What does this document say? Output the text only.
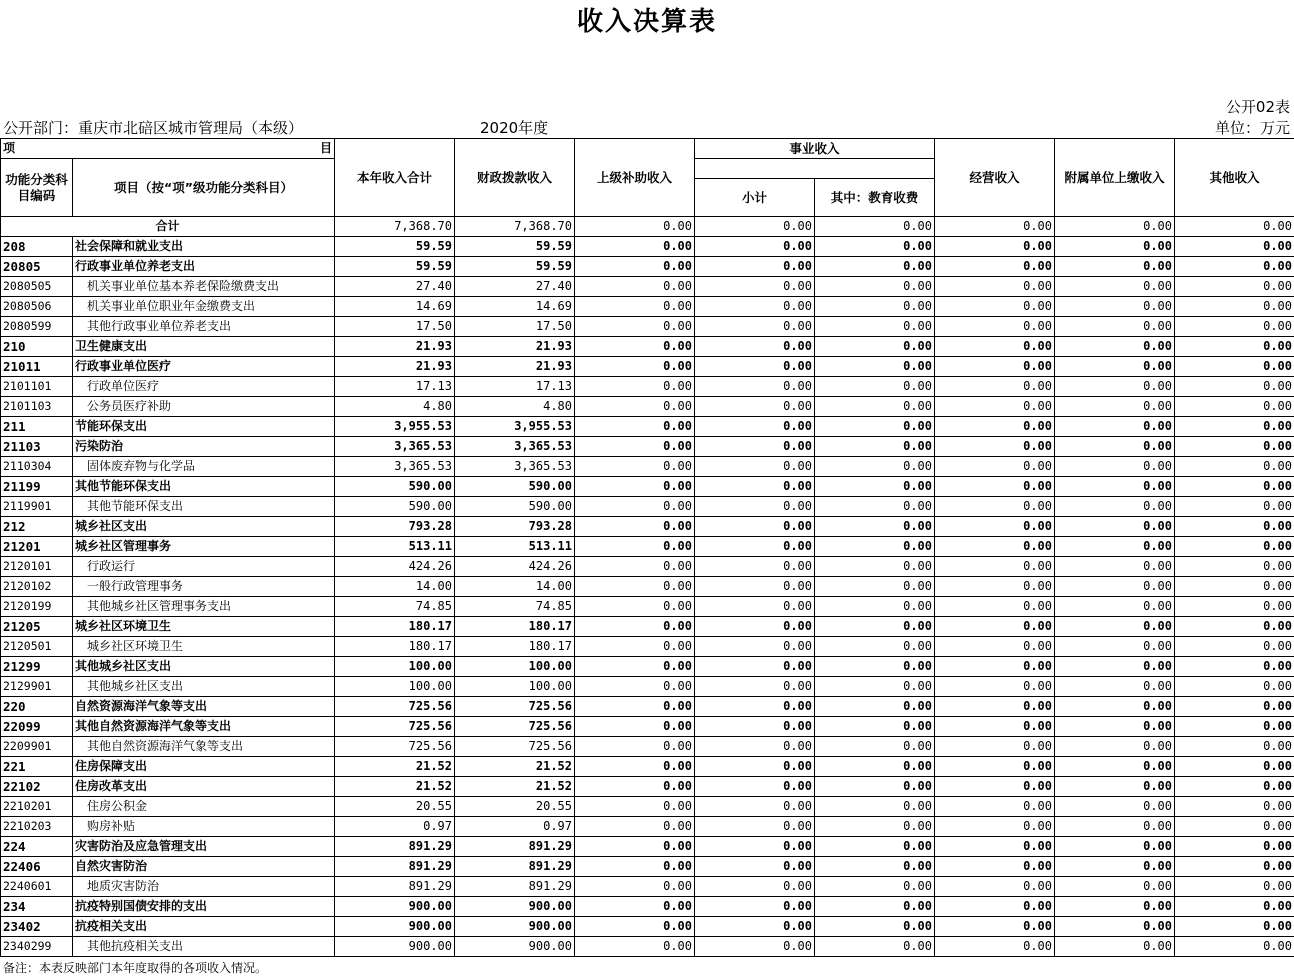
收入决算表
公开02表
公开部门：重庆市北碚区城市管理局（本级）	2020年度	单位：万元
项 目		本年收入合计	财政拨款收入	上级补助收入	事业收入		经营收入	附属单位上缴收入	其他收入
功能分类科目编码	项目（按“项”级功能分类科目）								
					小计	其中：教育收费			
合计		7,368.70	7,368.70	0.00	0.00	0.00	0.00	0.00	0.00
208	社会保障和就业支出	59.59	59.59	0.00	0.00	0.00	0.00	0.00	0.00
20805	行政事业单位养老支出	59.59	59.59	0.00	0.00	0.00	0.00	0.00	0.00
2080505	机关事业单位基本养老保险缴费支出	27.40	27.40	0.00	0.00	0.00	0.00	0.00	0.00
2080506	机关事业单位职业年金缴费支出	14.69	14.69	0.00	0.00	0.00	0.00	0.00	0.00
2080599	其他行政事业单位养老支出	17.50	17.50	0.00	0.00	0.00	0.00	0.00	0.00
210	卫生健康支出	21.93	21.93	0.00	0.00	0.00	0.00	0.00	0.00
21011	行政事业单位医疗	21.93	21.93	0.00	0.00	0.00	0.00	0.00	0.00
2101101	行政单位医疗	17.13	17.13	0.00	0.00	0.00	0.00	0.00	0.00
2101103	公务员医疗补助	4.80	4.80	0.00	0.00	0.00	0.00	0.00	0.00
211	节能环保支出	3,955.53	3,955.53	0.00	0.00	0.00	0.00	0.00	0.00
21103	污染防治	3,365.53	3,365.53	0.00	0.00	0.00	0.00	0.00	0.00
2110304	固体废弃物与化学品	3,365.53	3,365.53	0.00	0.00	0.00	0.00	0.00	0.00
21199	其他节能环保支出	590.00	590.00	0.00	0.00	0.00	0.00	0.00	0.00
2119901	其他节能环保支出	590.00	590.00	0.00	0.00	0.00	0.00	0.00	0.00
212	城乡社区支出	793.28	793.28	0.00	0.00	0.00	0.00	0.00	0.00
21201	城乡社区管理事务	513.11	513.11	0.00	0.00	0.00	0.00	0.00	0.00
2120101	行政运行	424.26	424.26	0.00	0.00	0.00	0.00	0.00	0.00
2120102	一般行政管理事务	14.00	14.00	0.00	0.00	0.00	0.00	0.00	0.00
2120199	其他城乡社区管理事务支出	74.85	74.85	0.00	0.00	0.00	0.00	0.00	0.00
21205	城乡社区环境卫生	180.17	180.17	0.00	0.00	0.00	0.00	0.00	0.00
2120501	城乡社区环境卫生	180.17	180.17	0.00	0.00	0.00	0.00	0.00	0.00
21299	其他城乡社区支出	100.00	100.00	0.00	0.00	0.00	0.00	0.00	0.00
2129901	其他城乡社区支出	100.00	100.00	0.00	0.00	0.00	0.00	0.00	0.00
220	自然资源海洋气象等支出	725.56	725.56	0.00	0.00	0.00	0.00	0.00	0.00
22099	其他自然资源海洋气象等支出	725.56	725.56	0.00	0.00	0.00	0.00	0.00	0.00
2209901	其他自然资源海洋气象等支出	725.56	725.56	0.00	0.00	0.00	0.00	0.00	0.00
221	住房保障支出	21.52	21.52	0.00	0.00	0.00	0.00	0.00	0.00
22102	住房改革支出	21.52	21.52	0.00	0.00	0.00	0.00	0.00	0.00
2210201	住房公积金	20.55	20.55	0.00	0.00	0.00	0.00	0.00	0.00
2210203	购房补贴	0.97	0.97	0.00	0.00	0.00	0.00	0.00	0.00
224	灾害防治及应急管理支出	891.29	891.29	0.00	0.00	0.00	0.00	0.00	0.00
22406	自然灾害防治	891.29	891.29	0.00	0.00	0.00	0.00	0.00	0.00
2240601	地质灾害防治	891.29	891.29	0.00	0.00	0.00	0.00	0.00	0.00
234	抗疫特别国债安排的支出	900.00	900.00	0.00	0.00	0.00	0.00	0.00	0.00
23402	抗疫相关支出	900.00	900.00	0.00	0.00	0.00	0.00	0.00	0.00
2340299	其他抗疫相关支出	900.00	900.00	0.00	0.00	0.00	0.00	0.00	0.00
备注：本表反映部门本年度取得的各项收入情况。
